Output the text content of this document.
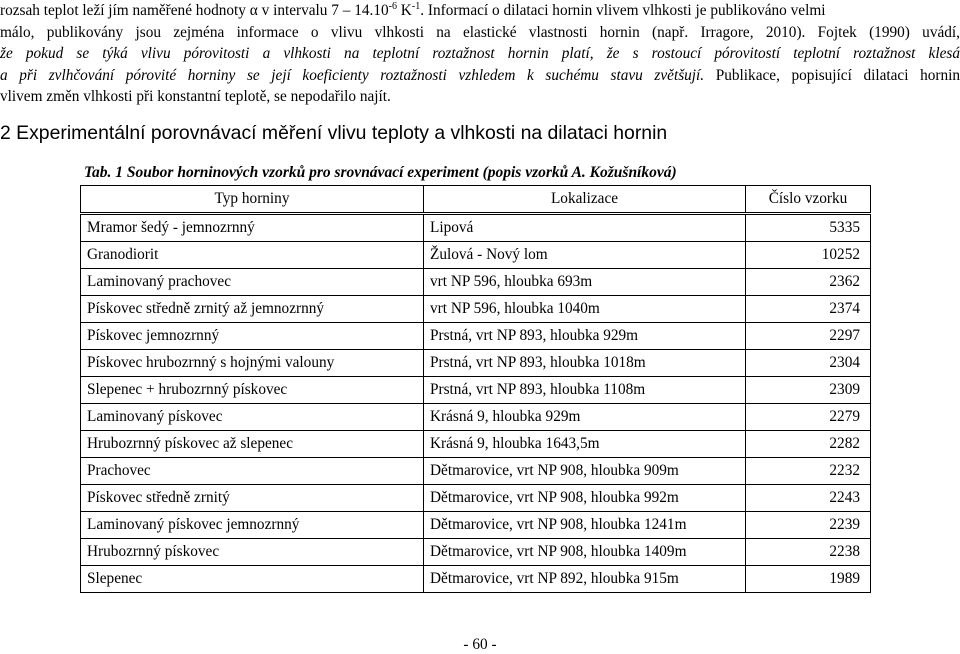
rozsah teplot leží jím naměřené hodnoty α v intervalu $7 - 14.10^{-6}$ $K^{-1}$. Informací o dilataci hornin vlivem vlhkosti je publikováno velmi
málo, publikovány jsou zejména informace o vlivu vlhkosti na elastické vlastnosti hornin (např. Irragore, 2010). Fojtek (1990) uvádí,
že pokud se týká vlivu pórovitosti a vlhkosti na teplotní roztažnost hornin platí, že s rostoucí pórovitostí teplotní roztažnost klesá
a při zvlhčování pórovité horniny se její koeficienty roztažnosti vzhledem k suchému stavu zvětšují. Publikace, popisující dilataci hornin
vlivem změn vlhkosti při konstantní teplotě, se nepodařilo najít.
2 Experimentální porovnávací měření vlivu teploty a vlhkosti na dilataci hornin
Tab. 1 Soubor horninových vzorků pro srovnávací experiment (popis vzorků A. Kožušníková)
Typ horniny	Lokalizace	Číslo vzorku
Mramor šedý - jemnozrnný	Lipová	5335
Granodiorit	Žulová - Nový lom	10252
Laminovaný prachovec	vrt NP 596, hloubka 693m	2362
Pískovec středně zrnitý až jemnozrnný	vrt NP 596, hloubka 1040m	2374
Pískovec jemnozrnný	Prstná, vrt NP 893, hloubka 929m	2297
Pískovec hrubozrnný s hojnými valouny	Prstná, vrt NP 893, hloubka 1018m	2304
Slepenec + hrubozrnný pískovec	Prstná, vrt NP 893, hloubka 1108m	2309
Laminovaný pískovec	Krásná 9, hloubka 929m	2279
Hrubozrnný pískovec až slepenec	Krásná 9, hloubka 1643,5m	2282
Prachovec	Dětmarovice, vrt NP 908, hloubka 909m	2232
Pískovec středně zrnitý	Dětmarovice, vrt NP 908, hloubka 992m	2243
Laminovaný pískovec jemnozrnný	Dětmarovice, vrt NP 908, hloubka 1241m	2239
Hrubozrnný pískovec	Dětmarovice, vrt NP 908, hloubka 1409m	2238
Slepenec	Dětmarovice, vrt NP 892, hloubka 915m	1989
- 60 -
